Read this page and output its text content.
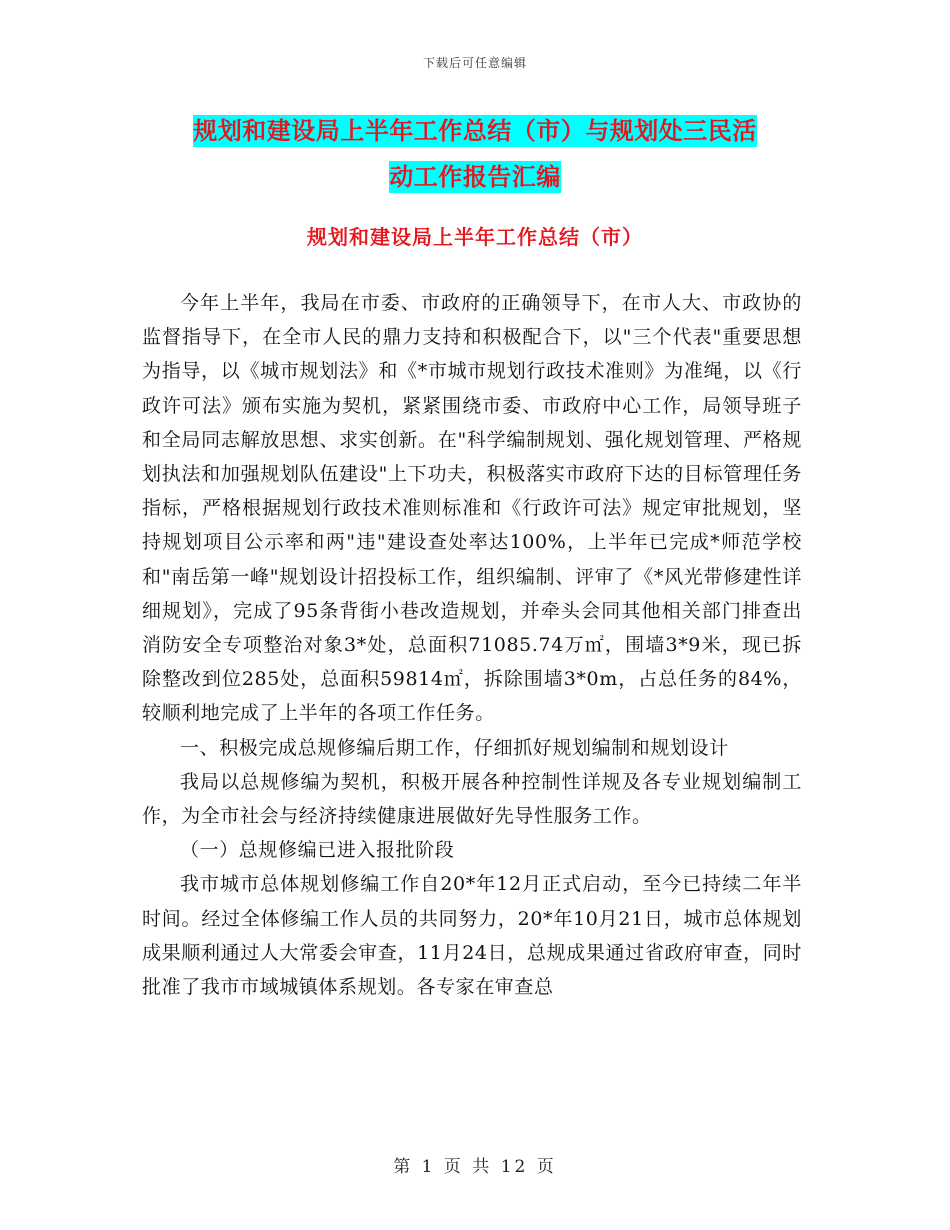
下载后可任意编辑
规划和建设局上半年工作总结（市）与规划处三民活
动工作报告汇编
规划和建设局上半年工作总结（市）

今年上半年，我局在市委、市政府的正确领导下，在市人大、市政协的监督指导下，在全市人民的鼎力支持和积极配合下，以"三个代表"重要思想为指导，以《城市规划法》和《*市城市规划行政技术准则》为准绳，以《行政许可法》颁布实施为契机，紧紧围绕市委、市政府中心工作，局领导班子和全局同志解放思想、求实创新。在"科学编制规划、强化规划管理、严格规划执法和加强规划队伍建设"上下功夫，积极落实市政府下达的目标管理任务指标，严格根据规划行政技术准则标准和《行政许可法》规定审批规划，坚持规划项目公示率和两"违"建设查处率达100%，上半年已完成*师范学校和"南岳第一峰"规划设计招投标工作，组织编制、评审了《*风光带修建性详细规划》，完成了95条背街小巷改造规划，并牵头会同其他相关部门排查出消防安全专项整治对象3*处，总面积71085.74万㎡，围墙3*9米，现已拆除整改到位285处，总面积59814㎡，拆除围墙3*0m，占总任务的84%，较顺利地完成了上半年的各项工作任务。

一、积极完成总规修编后期工作，仔细抓好规划编制和规划设计

我局以总规修编为契机，积极开展各种控制性详规及各专业规划编制工作，为全市社会与经济持续健康进展做好先导性服务工作。

（一）总规修编已进入报批阶段

我市城市总体规划修编工作自20*年12月正式启动，至今已持续二年半时间。经过全体修编工作人员的共同努力，20*年10月21日，城市总体规划成果顺利通过人大常委会审查，11月24日，总规成果通过省政府审查，同时批准了我市市域城镇体系规划。各专家在审查总

第 1 页 共 12 页
